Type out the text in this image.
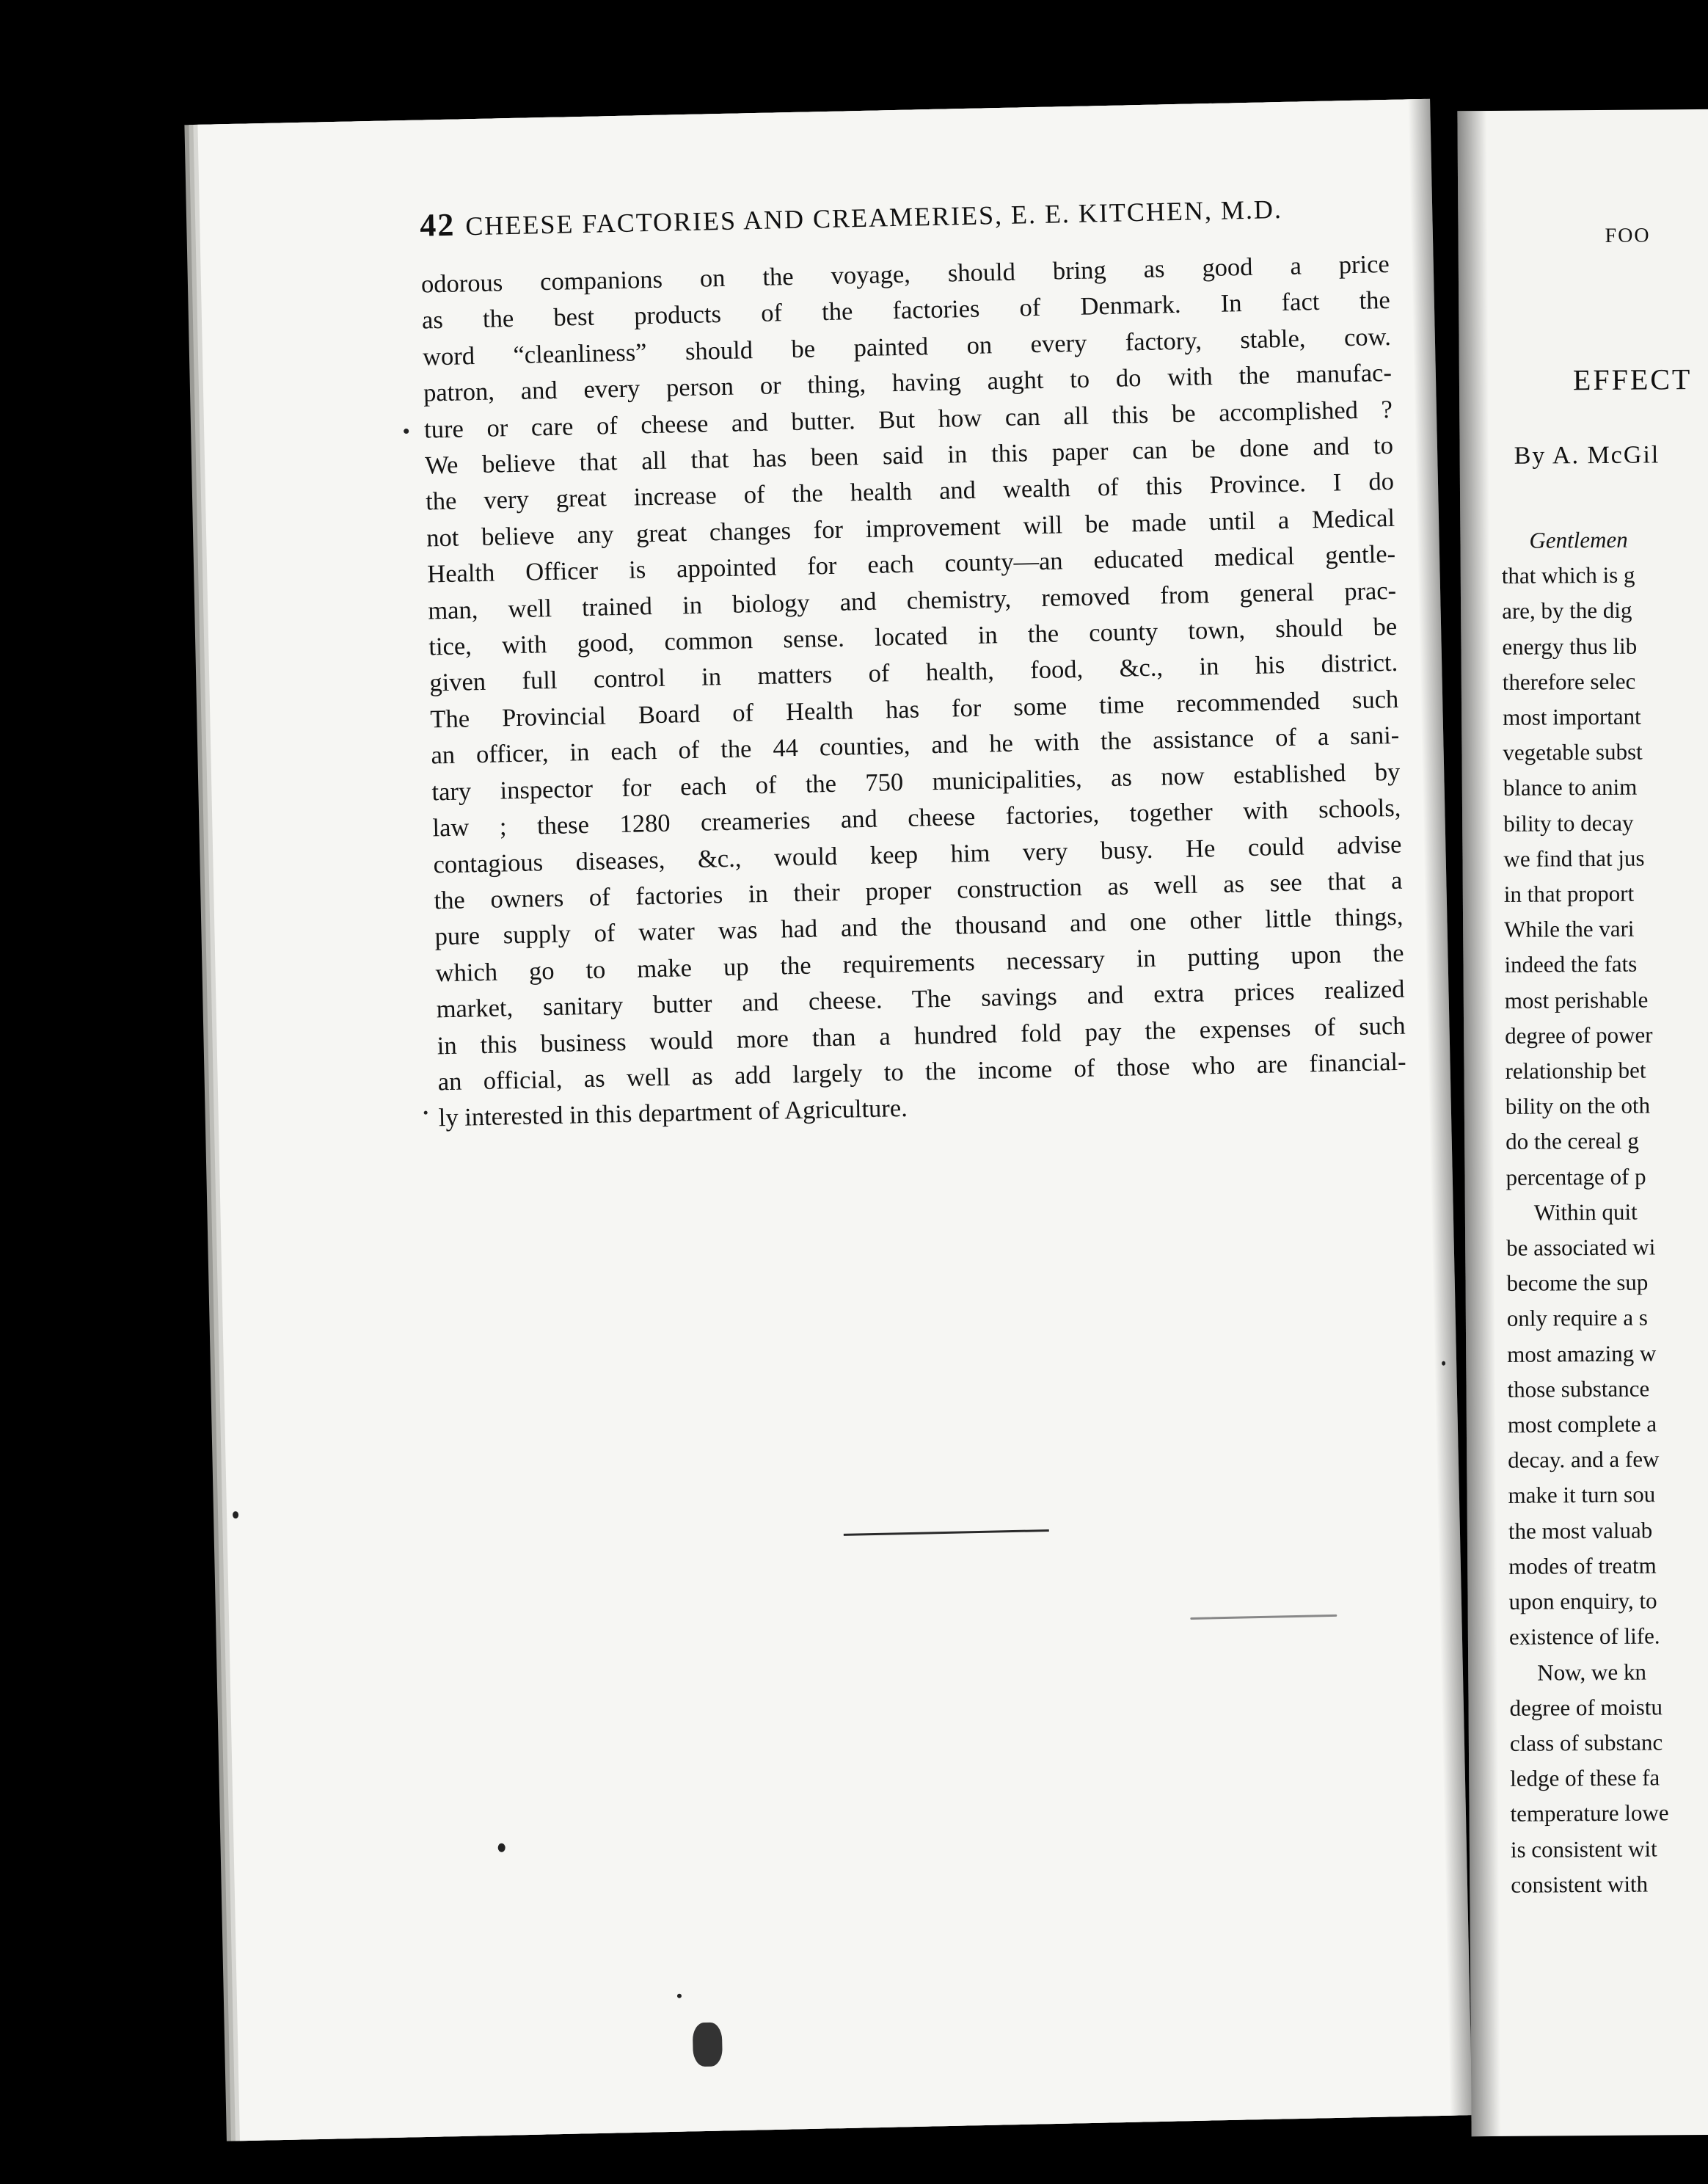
42 CHEESE FACTORIES AND CREAMERIES, E. E. KITCHEN, M.D.
odorous companions on the voyage, should bring as good a price
as the best products of the factories of Denmark. In fact the
word “cleanliness” should be painted on every factory, stable, cow.
patron, and every person or thing, having aught to do with the manufac-
ture or care of cheese and butter. But how can all this be accomplished ?
We believe that all that has been said in this paper can be done and to
the very great increase of the health and wealth of this Province. I do
not believe any great changes for improvement will be made until a Medical
Health Officer is appointed for each county—an educated medical gentle-
man, well trained in biology and chemistry, removed from general prac-
tice, with good, common sense. located in the county town, should be
given full control in matters of health, food, &c., in his district.
The Provincial Board of Health has for some time recommended such
an officer, in each of the 44 counties, and he with the assistance of a sani-
tary inspector for each of the 750 municipalities, as now established by
law ; these 1280 creameries and cheese factories, together with schools,
contagious diseases, &c., would keep him very busy. He could advise
the owners of factories in their proper construction as well as see that a
pure supply of water was had and the thousand and one other little things,
which go to make up the requirements necessary in putting upon the
market, sanitary butter and cheese. The savings and extra prices realized
in this business would more than a hundred fold pay the expenses of such
an official, as well as add largely to the income of those who are financial-
ly interested in this department of Agriculture.
FOO
EFFECT
By A. McGil
Gentlemen
that which is g
are, by the dig
energy thus lib
therefore selec
most important
vegetable subst
blance to anim
bility to decay
we find that jus
in that proport
While the vari
indeed the fats
most perishable
degree of power
relationship bet
bility on the oth
do the cereal g
percentage of p
Within quit
be associated wi
become the sup
only require a s
most amazing w
those substance
most complete a
decay. and a few
make it turn sou
the most valuab
modes of treatm
upon enquiry, to
existence of life.
Now, we kn
degree of moistu
class of substanc
ledge of these fa
temperature lowe
is consistent wit
consistent with
